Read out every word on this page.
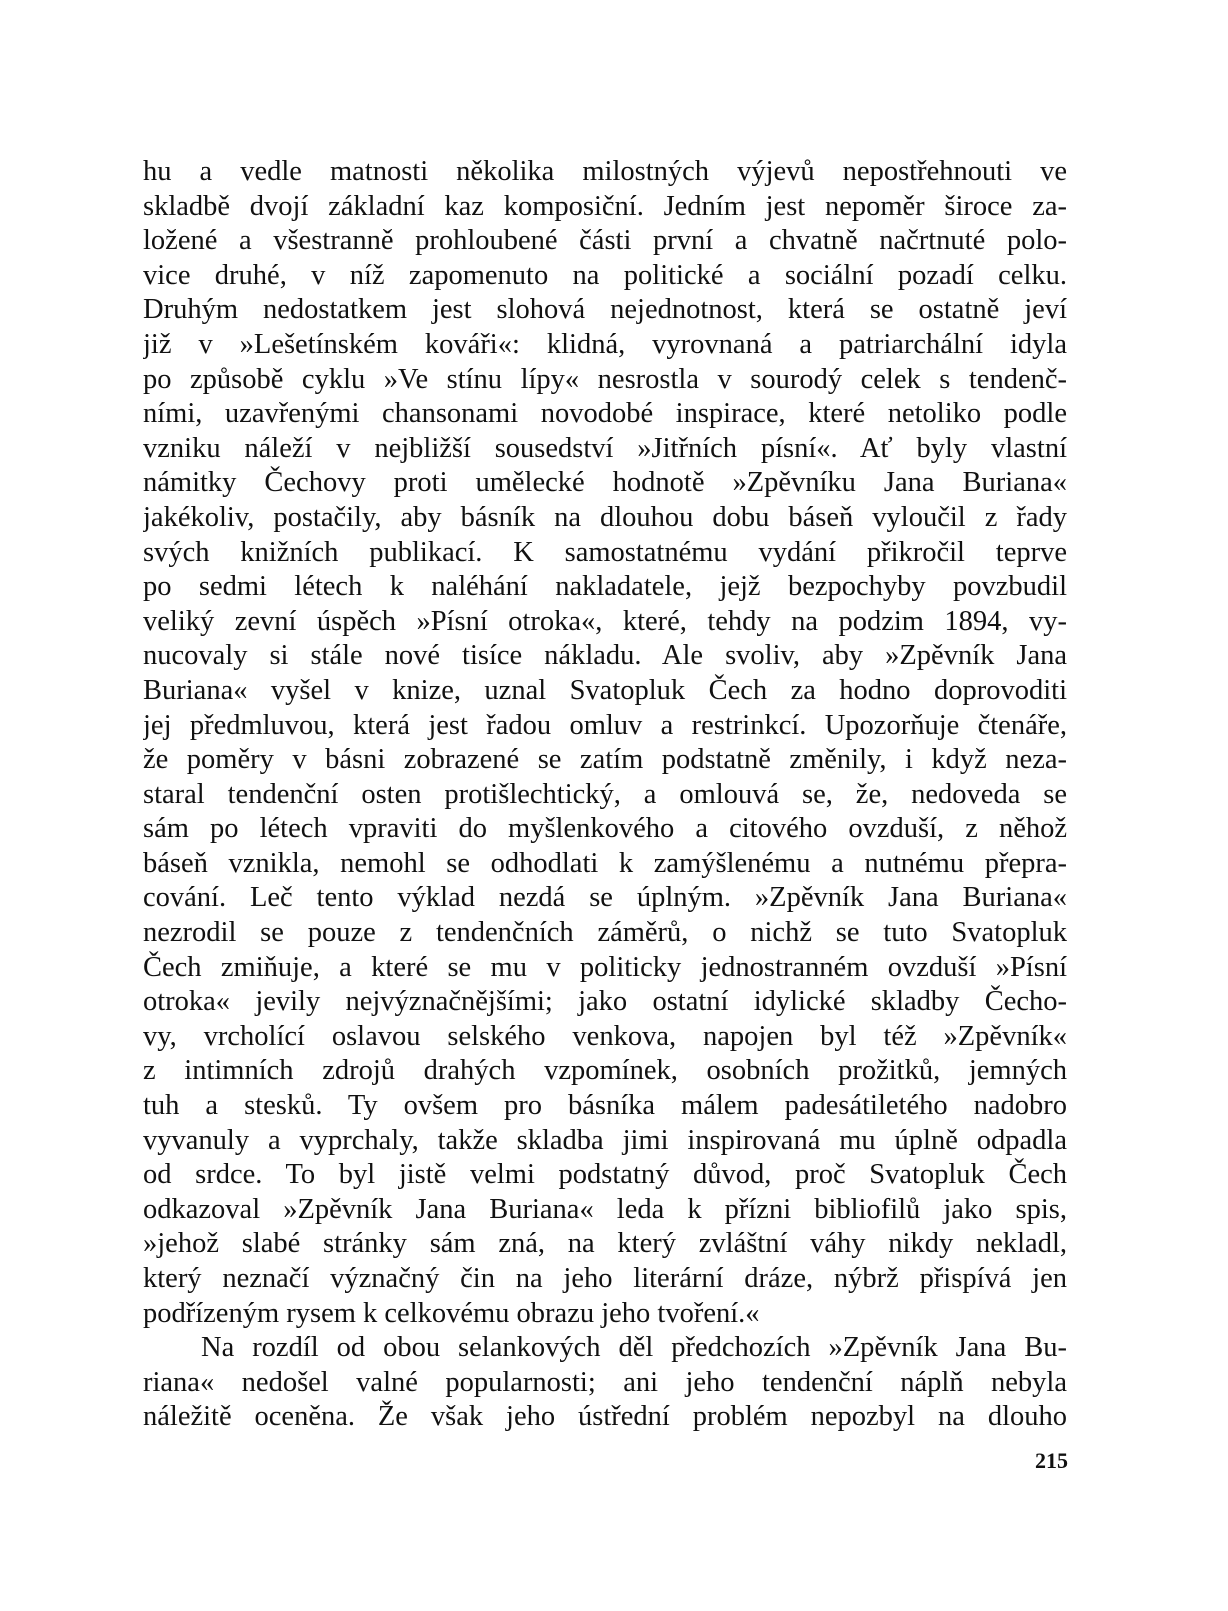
hu a vedle matnosti několika milostných výjevů nepostřehnouti ve
skladbě dvojí základní kaz komposiční. Jedním jest nepoměr široce za-
ložené a všestranně prohloubené části první a chvatně načrtnuté polo-
vice druhé, v níž zapomenuto na politické a sociální pozadí celku.
Druhým nedostatkem jest slohová nejednotnost, která se ostatně jeví
již v »Lešetínském kováři«: klidná, vyrovnaná a patriarchální idyla
po způsobě cyklu »Ve stínu lípy« nesrostla v sourodý celek s tendenč-
ními, uzavřenými chansonami novodobé inspirace, které netoliko podle
vzniku náleží v nejbližší sousedství »Jitřních písní«. Ať byly vlastní
námitky Čechovy proti umělecké hodnotě »Zpěvníku Jana Buriana«
jakékoliv, postačily, aby básník na dlouhou dobu báseň vyloučil z řady
svých knižních publikací. K samostatnému vydání přikročil teprve
po sedmi létech k naléhání nakladatele, jejž bezpochyby povzbudil
veliký zevní úspěch »Písní otroka«, které, tehdy na podzim 1894, vy-
nucovaly si stále nové tisíce nákladu. Ale svoliv, aby »Zpěvník Jana
Buriana« vyšel v knize, uznal Svatopluk Čech za hodno doprovoditi
jej předmluvou, která jest řadou omluv a restrinkcí. Upozorňuje čtenáře,
že poměry v básni zobrazené se zatím podstatně změnily, i když neza-
staral tendenční osten protišlechtický, a omlouvá se, že, nedoveda se
sám po létech vpraviti do myšlenkového a citového ovzduší, z něhož
báseň vznikla, nemohl se odhodlati k zamýšlenému a nutnému přepra-
cování. Leč tento výklad nezdá se úplným. »Zpěvník Jana Buriana«
nezrodil se pouze z tendenčních záměrů, o nichž se tuto Svatopluk
Čech zmiňuje, a které se mu v politicky jednostranném ovzduší »Písní
otroka« jevily nejvýznačnějšími; jako ostatní idylické skladby Čecho-
vy, vrcholící oslavou selského venkova, napojen byl též »Zpěvník«
z intimních zdrojů drahých vzpomínek, osobních prožitků, jemných
tuh a stesků. Ty ovšem pro básníka málem padesátiletého nadobro
vyvanuly a vyprchaly, takže skladba jimi inspirovaná mu úplně odpadla
od srdce. To byl jistě velmi podstatný důvod, proč Svatopluk Čech
odkazoval »Zpěvník Jana Buriana« leda k přízni bibliofilů jako spis,
»jehož slabé stránky sám zná, na který zvláštní váhy nikdy nekladl,
který neznačí význačný čin na jeho literární dráze, nýbrž přispívá jen
podřízeným rysem k celkovému obrazu jeho tvoření.«
Na rozdíl od obou selankových děl předchozích »Zpěvník Jana Bu-
riana« nedošel valné popularnosti; ani jeho tendenční náplň nebyla
náležitě oceněna. Že však jeho ústřední problém nepozbyl na dlouho
215
